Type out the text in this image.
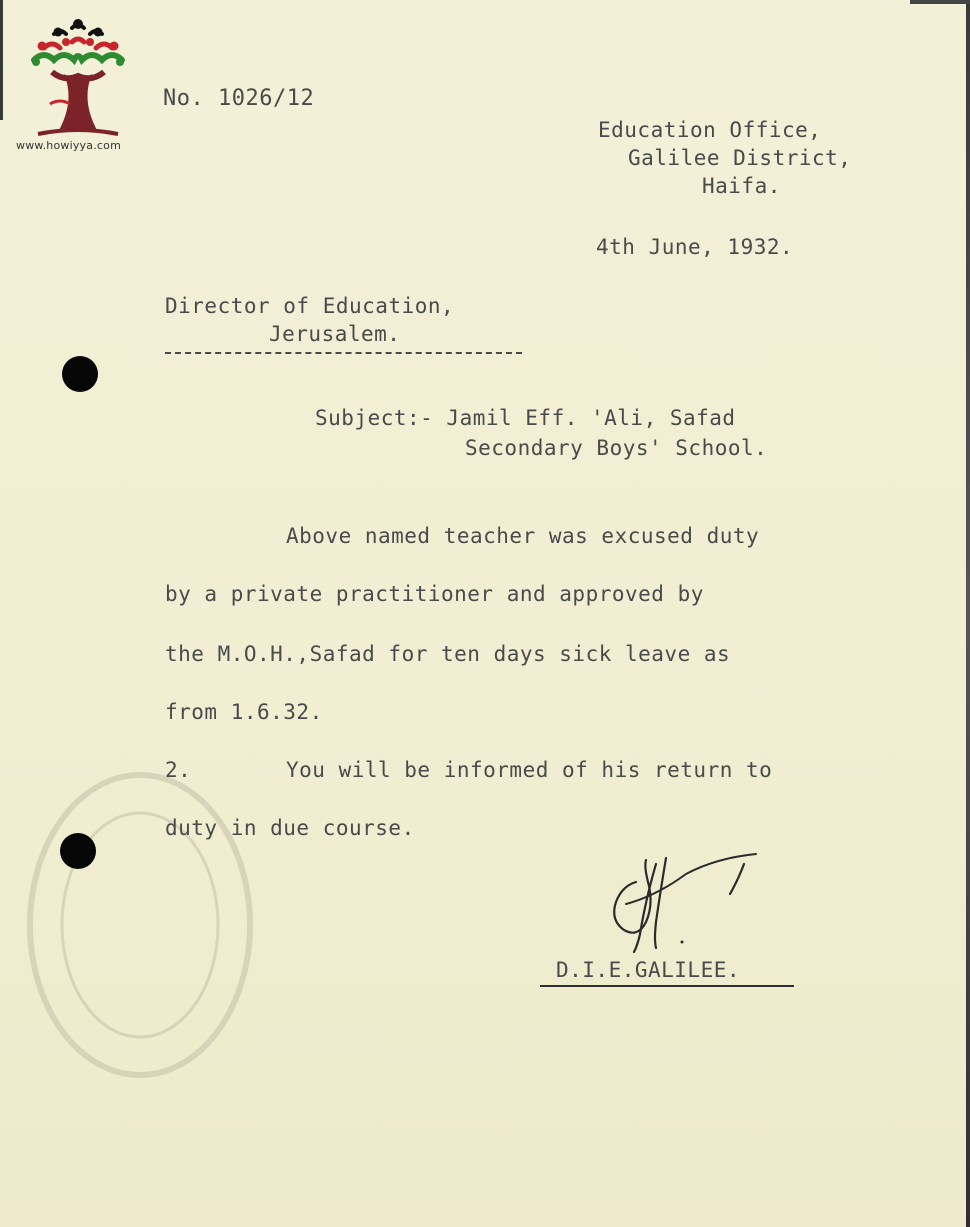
www.howiyya.com
No. 1026/12
Education Office,
Galilee District,
Haifa.
4th June, 1932.
Director of Education,
Jerusalem.
Subject:- Jamil Eff. 'Ali, Safad
Secondary Boys' School.
Above named teacher was excused duty
by a private practitioner and approved by
the M.O.H.,Safad for ten days sick leave as
from 1.6.32.
2.	You will be informed of his return to
duty in due course.
D.I.E.GALILEE.
